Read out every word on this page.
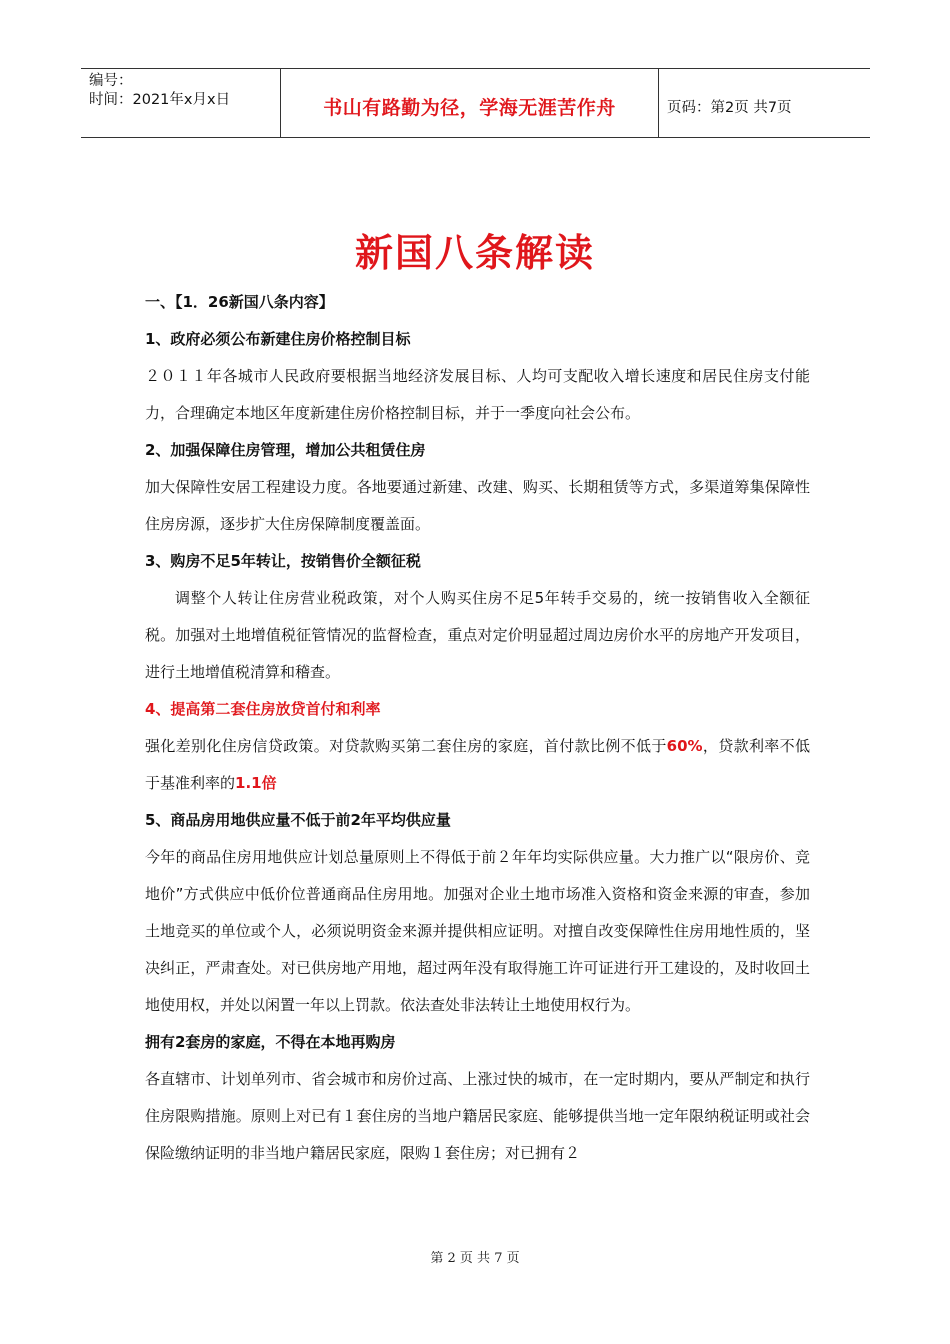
编号：
时间：2021年x月x日	书山有路勤为径，学海无涯苦作舟	页码：第2页 共7页
新国八条解读

一、【1．26新国八条内容】

1、政府必须公布新建住房价格控制目标

２０１１年各城市人民政府要根据当地经济发展目标、人均可支配收入增长速度和居民住房支付能力，合理确定本地区年度新建住房价格控制目标，并于一季度向社会公布。

2、加强保障住房管理，增加公共租赁住房

加大保障性安居工程建设力度。各地要通过新建、改建、购买、长期租赁等方式，多渠道筹集保障性住房房源，逐步扩大住房保障制度覆盖面。

3、购房不足5年转让，按销售价全额征税

调整个人转让住房营业税政策，对个人购买住房不足5年转手交易的，统一按销售收入全额征税。加强对土地增值税征管情况的监督检查，重点对定价明显超过周边房价水平的房地产开发项目，进行土地增值税清算和稽查。

4、提高第二套住房放贷首付和利率

强化差别化住房信贷政策。对贷款购买第二套住房的家庭，首付款比例不低于60%，贷款利率不低于基准利率的1.1倍

5、商品房用地供应量不低于前2年平均供应量

今年的商品住房用地供应计划总量原则上不得低于前２年年均实际供应量。大力推广以“限房价、竞地价”方式供应中低价位普通商品住房用地。加强对企业土地市场准入资格和资金来源的审查，参加土地竞买的单位或个人，必须说明资金来源并提供相应证明。对擅自改变保障性住房用地性质的，坚决纠正，严肃查处。对已供房地产用地，超过两年没有取得施工许可证进行开工建设的，及时收回土地使用权，并处以闲置一年以上罚款。依法查处非法转让土地使用权行为。

拥有2套房的家庭，不得在本地再购房

各直辖市、计划单列市、省会城市和房价过高、上涨过快的城市，在一定时期内，要从严制定和执行住房限购措施。原则上对已有１套住房的当地户籍居民家庭、能够提供当地一定年限纳税证明或社会保险缴纳证明的非当地户籍居民家庭，限购１套住房；对已拥有２

第 2 页 共 7 页
